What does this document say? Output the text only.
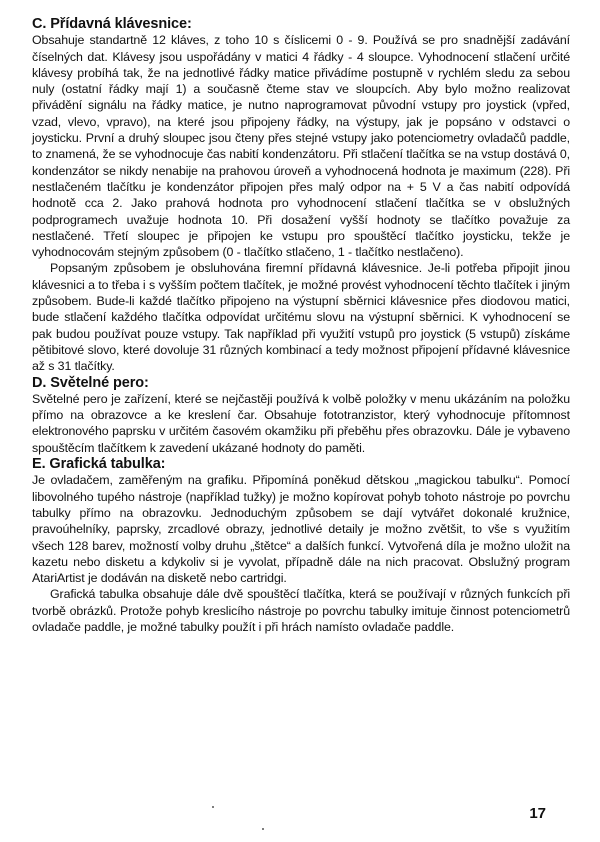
C. Přídavná klávesnice:

Obsahuje standartně 12 kláves, z toho 10 s číslicemi 0 - 9. Používá se pro snadnější zadávání číselných dat. Klávesy jsou uspořádány v matici 4 řádky - 4 sloupce. Vyhodnocení stlačení určité klávesy probíhá tak, že na jednotlivé řádky matice přivádíme postupně v rychlém sledu za sebou nuly (ostatní řádky mají 1) a současně čteme stav ve sloupcích. Aby bylo možno realizovat přivádění signálu na řádky matice, je nutno naprogramovat původní vstupy pro joystick (vpřed, vzad, vlevo, vpravo), na které jsou připojeny řádky, na výstupy, jak je popsáno v odstavci o joysticku. První a druhý sloupec jsou čteny přes stejné vstupy jako potenciometry ovladačů paddle, to znamená, že se vyhodnocuje čas nabití kondenzátoru. Při stlačení tlačítka se na vstup dostává 0, kondenzátor se nikdy nenabije na prahovou úroveň a vyhodnocená hodnota je maximum (228). Při nestlačeném tlačítku je kondenzátor připojen přes malý odpor na + 5 V a čas nabití odpovídá hodnotě cca 2. Jako prahová hodnota pro vyhodnocení stlačení tlačítka se v obslužných podprogramech uvažuje hodnota 10. Při dosažení vyšší hodnoty se tlačítko považuje za nestlačené. Třetí sloupec je připojen ke vstupu pro spouštěcí tlačítko joysticku, tekže je vyhodnocovám stejným způsobem (0 - tlačítko stlačeno, 1 - tlačítko nestlačeno).

Popsaným způsobem je obsluhována firemní přídavná klávesnice. Je-li potřeba připojit jinou klávesnici a to třeba i s vyšším počtem tlačítek, je možné provést vyhodnocení těchto tlačítek i jiným způsobem. Bude-li každé tlačítko připojeno na výstupní sběrnici klávesnice přes diodovou matici, bude stlačení každého tlačítka odpovídat určitému slovu na výstupní sběrnici. K vyhodnocení se pak budou používat pouze vstupy. Tak například při využití vstupů pro joystick (5 vstupů) získáme pětibitové slovo, které dovoluje 31 různých kombinací a tedy možnost připojení přídavné klávesnice až s 31 tlačítky.

D. Světelné pero:

Světelné pero je zařízení, které se nejčastěji používá k volbě položky v menu ukázáním na položku přímo na obrazovce a ke kreslení čar. Obsahuje fototranzistor, který vyhodnocuje přítomnost elektronového paprsku v určitém časovém okamžiku při přeběhu přes obrazovku. Dále je vybaveno spouštěcím tlačítkem k zavedení ukázané hodnoty do paměti.

E. Grafická tabulka:

Je ovladačem, zaměřeným na grafiku. Připomíná poněkud dětskou „magickou tabulku“. Pomocí libovolného tupého nástroje (například tužky) je možno kopírovat pohyb tohoto nástroje po povrchu tabulky přímo na obrazovku. Jednoduchým způsobem se dají vytvářet dokonalé kružnice, pravoúhelníky, paprsky, zrcadlové obrazy, jednotlivé detaily je možno zvětšit, to vše s využitím všech 128 barev, možností volby druhu „štětce“ a dalších funkcí. Vytvořená díla je možno uložit na kazetu nebo disketu a kdykoliv si je vyvolat, případně dále na nich pracovat. Obslužný program AtariArtist je dodáván na disketě nebo cartridgi.

Grafická tabulka obsahuje dále dvě spouštěcí tlačítka, která se používají v různých funkcích při tvorbě obrázků. Protože pohyb kreslicího nástroje po povrchu tabulky imituje činnost potenciometrů ovladače paddle, je možné tabulky použít i při hrách namísto ovladače paddle.

17
